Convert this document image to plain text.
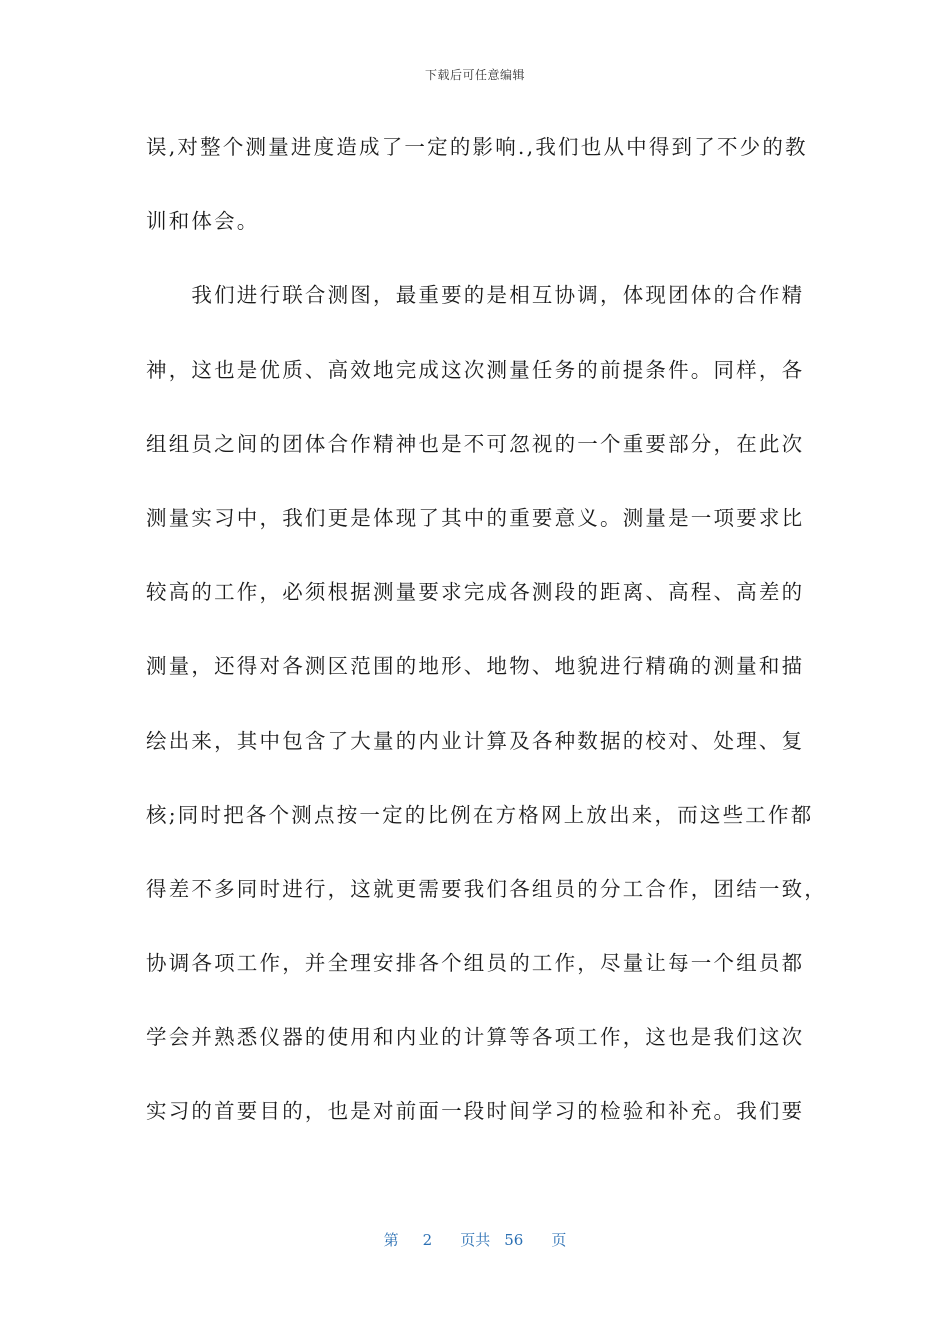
下载后可任意编辑
误,对整个测量进度造成了一定的影响.,我们也从中得到了不少的教
训和体会。
　　我们进行联合测图，最重要的是相互协调，体现团体的合作精
神，这也是优质、高效地完成这次测量任务的前提条件。同样，各
组组员之间的团体合作精神也是不可忽视的一个重要部分，在此次
测量实习中，我们更是体现了其中的重要意义。测量是一项要求比
较高的工作，必须根据测量要求完成各测段的距离、高程、高差的
测量，还得对各测区范围的地形、地物、地貌进行精确的测量和描
绘出来，其中包含了大量的内业计算及各种数据的校对、处理、复
核;同时把各个测点按一定的比例在方格网上放出来，而这些工作都
得差不多同时进行，这就更需要我们各组员的分工合作，团结一致，
协调各项工作，并全理安排各个组员的工作，尽量让每一个组员都
学会并熟悉仪器的使用和内业的计算等各项工作，这也是我们这次
实习的首要目的，也是对前面一段时间学习的检验和补充。我们要
第 2 页共 56 页
